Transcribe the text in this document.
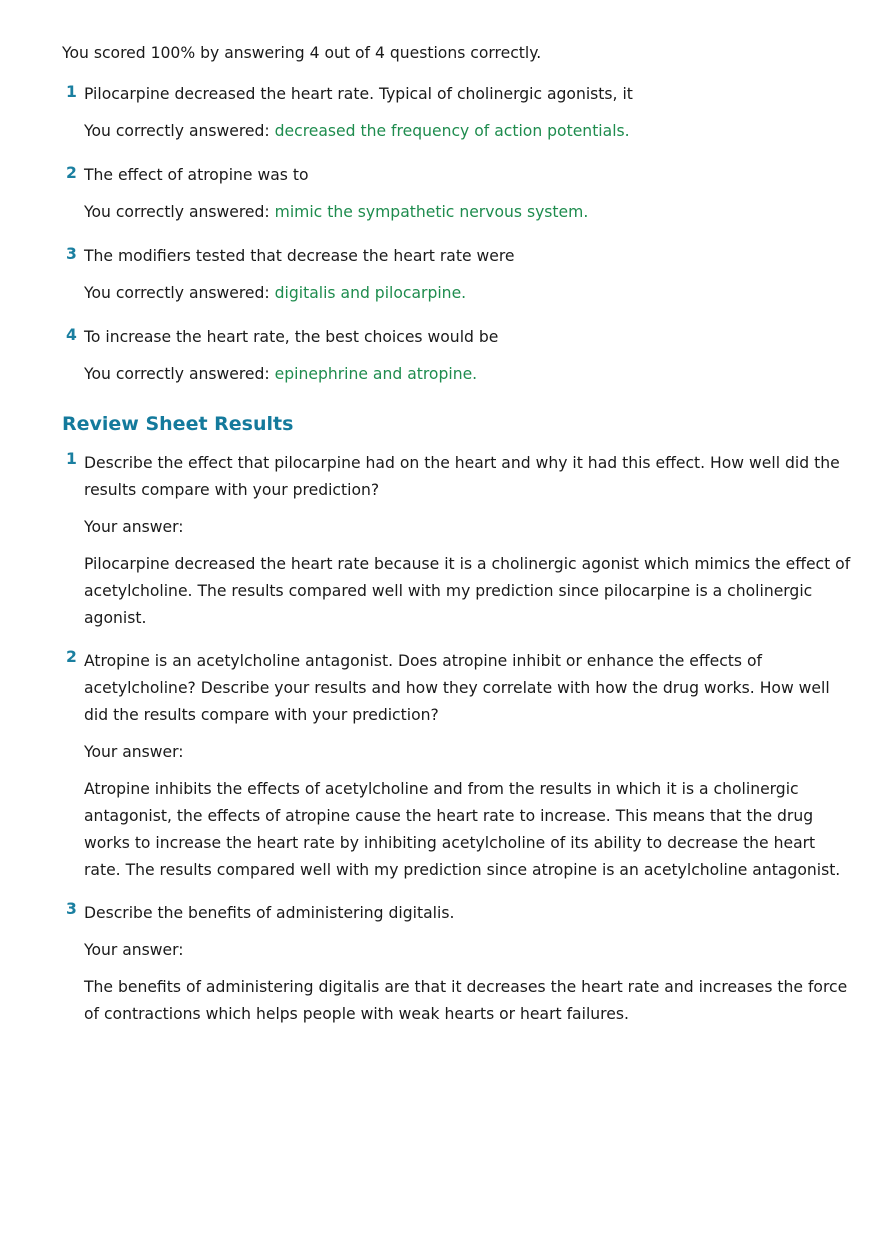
You scored 100% by answering 4 out of 4 questions correctly.
1 Pilocarpine decreased the heart rate. Typical of cholinergic agonists, it
You correctly answered: decreased the frequency of action potentials.
2 The effect of atropine was to
You correctly answered: mimic the sympathetic nervous system.
3 The modifiers tested that decrease the heart rate were
You correctly answered: digitalis and pilocarpine.
4 To increase the heart rate, the best choices would be
You correctly answered: epinephrine and atropine.
Review Sheet Results
1 Describe the effect that pilocarpine had on the heart and why it had this effect. How well did the results compare with your prediction?

Your answer:

Pilocarpine decreased the heart rate because it is a cholinergic agonist which mimics the effect of acetylcholine. The results compared well with my prediction since pilocarpine is a cholinergic agonist.

2 Atropine is an acetylcholine antagonist. Does atropine inhibit or enhance the effects of acetylcholine? Describe your results and how they correlate with how the drug works. How well did the results compare with your prediction?

Your answer:

Atropine inhibits the effects of acetylcholine and from the results in which it is a cholinergic antagonist, the effects of atropine cause the heart rate to increase. This means that the drug works to increase the heart rate by inhibiting acetylcholine of its ability to decrease the heart rate. The results compared well with my prediction since atropine is an acetylcholine antagonist.

3 Describe the benefits of administering digitalis.

Your answer:

The benefits of administering digitalis are that it decreases the heart rate and increases the force of contractions which helps people with weak hearts or heart failures.
